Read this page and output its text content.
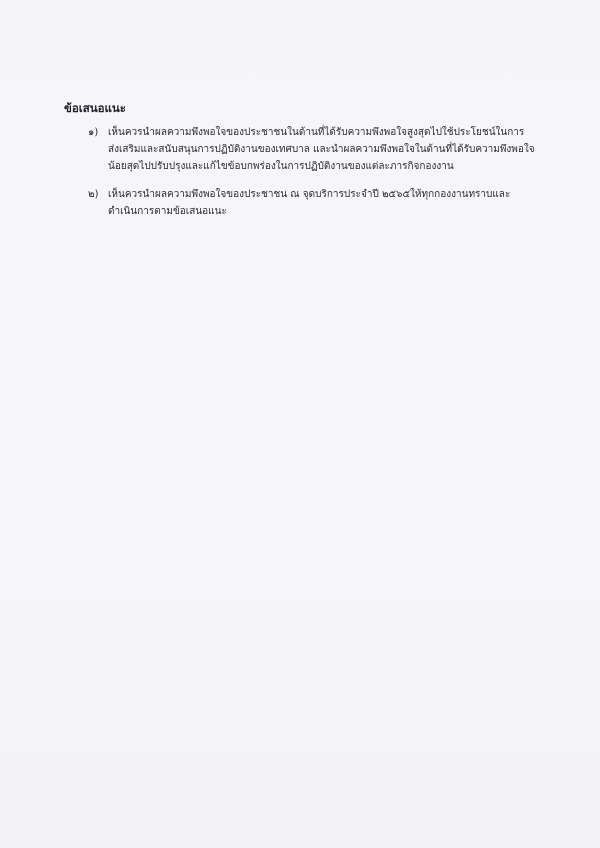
ข้อเสนอแนะ
๑) เห็นควรนำผลความพึงพอใจของประชาชนในด้านที่ได้รับความพึงพอใจสูงสุดไปใช้ประโยชน์ในการ
ส่งเสริมและสนับสนุนการปฏิบัติงานของเทศบาล และนำผลความพึงพอใจในด้านที่ได้รับความพึงพอใจ
น้อยสุดไปปรับปรุงและแก้ไขข้อบกพร่องในการปฏิบัติงานของแต่ละภารกิจกองงาน
๒) เห็นควรนำผลความพึงพอใจของประชาชน ณ จุดบริการประจำปี ๒๕๖๕ให้ทุกกองงานทราบและ
ดำเนินการตามข้อเสนอแนะ
